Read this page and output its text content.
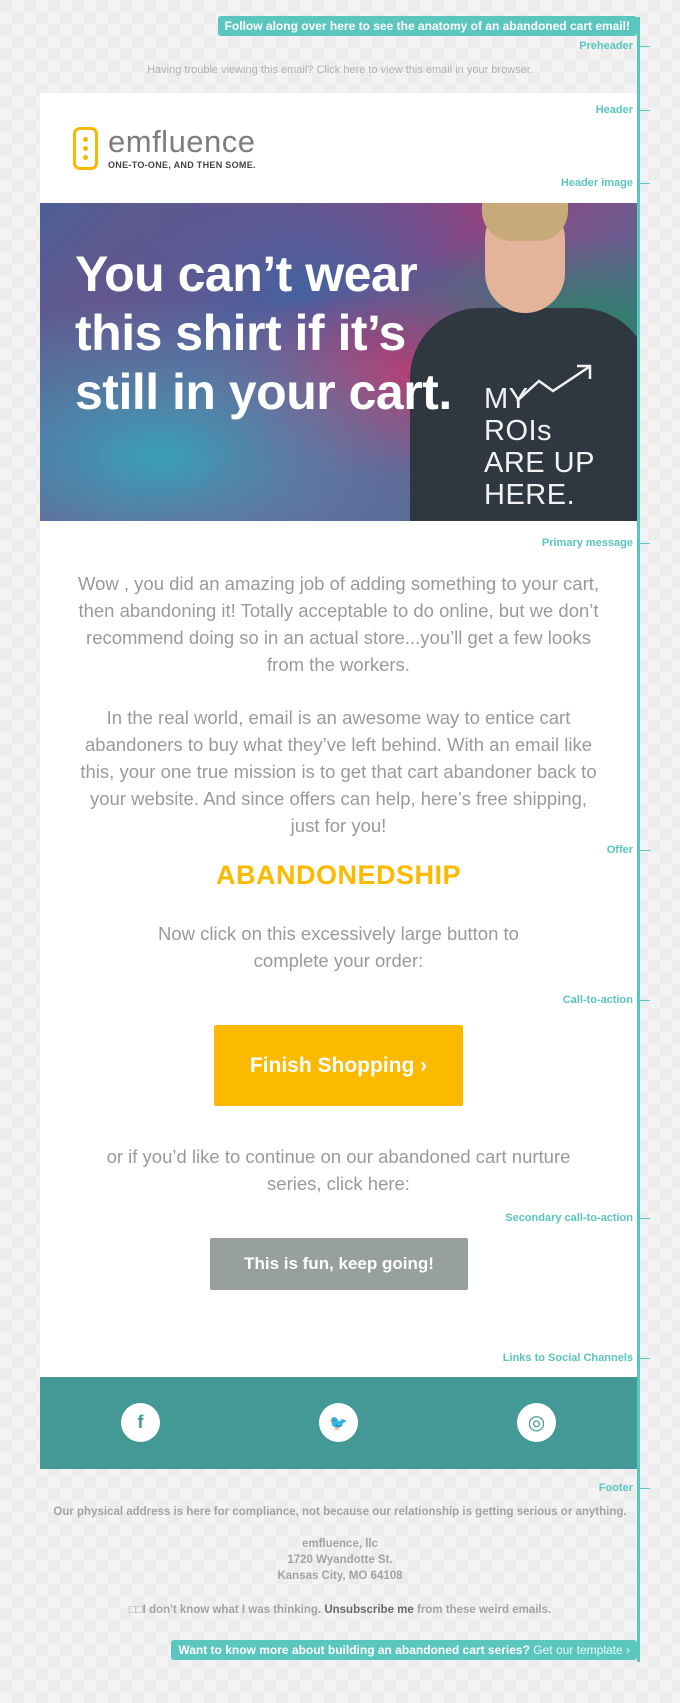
Follow along over here to see the anatomy of an abandoned cart email!
Preheader
Having trouble viewing this email? Click here to view this email in your browser.
Header
Header image
emfluence
ONE-TO-ONE, AND THEN SOME.
MY ROIs ARE UP HERE.
You can’t wear this shirt if it’s still in your cart.
Wow , you did an amazing job of adding something to your cart, then abandoning it! Totally acceptable to do online, but we don’t recommend doing so in an actual store...you’ll get a few looks from the workers.
In the real world, email is an awesome way to entice cart abandoners to buy what they’ve left behind. With an email like this, your one true mission is to get that cart abandoner back to your website. And since offers can help, here’s free shipping, just for you!
ABANDONEDSHIP
Now click on this excessively large button to complete your order:
Finish Shopping ›
or if you’d like to continue on our abandoned cart nurture series, click here:
This is fun, keep going!
Primary message
Offer
Call-to-action
Secondary call-to-action
Links to Social Channels
f	🐦	◎
Footer
Our physical address is here for compliance, not because our relationship is getting serious or anything.
emfluence, llc
1720 Wyandotte St.
Kansas City, MO 64108
□□I don't know what I was thinking. Unsubscribe me from these weird emails.
Want to know more about building an abandoned cart series? Get our template ›
